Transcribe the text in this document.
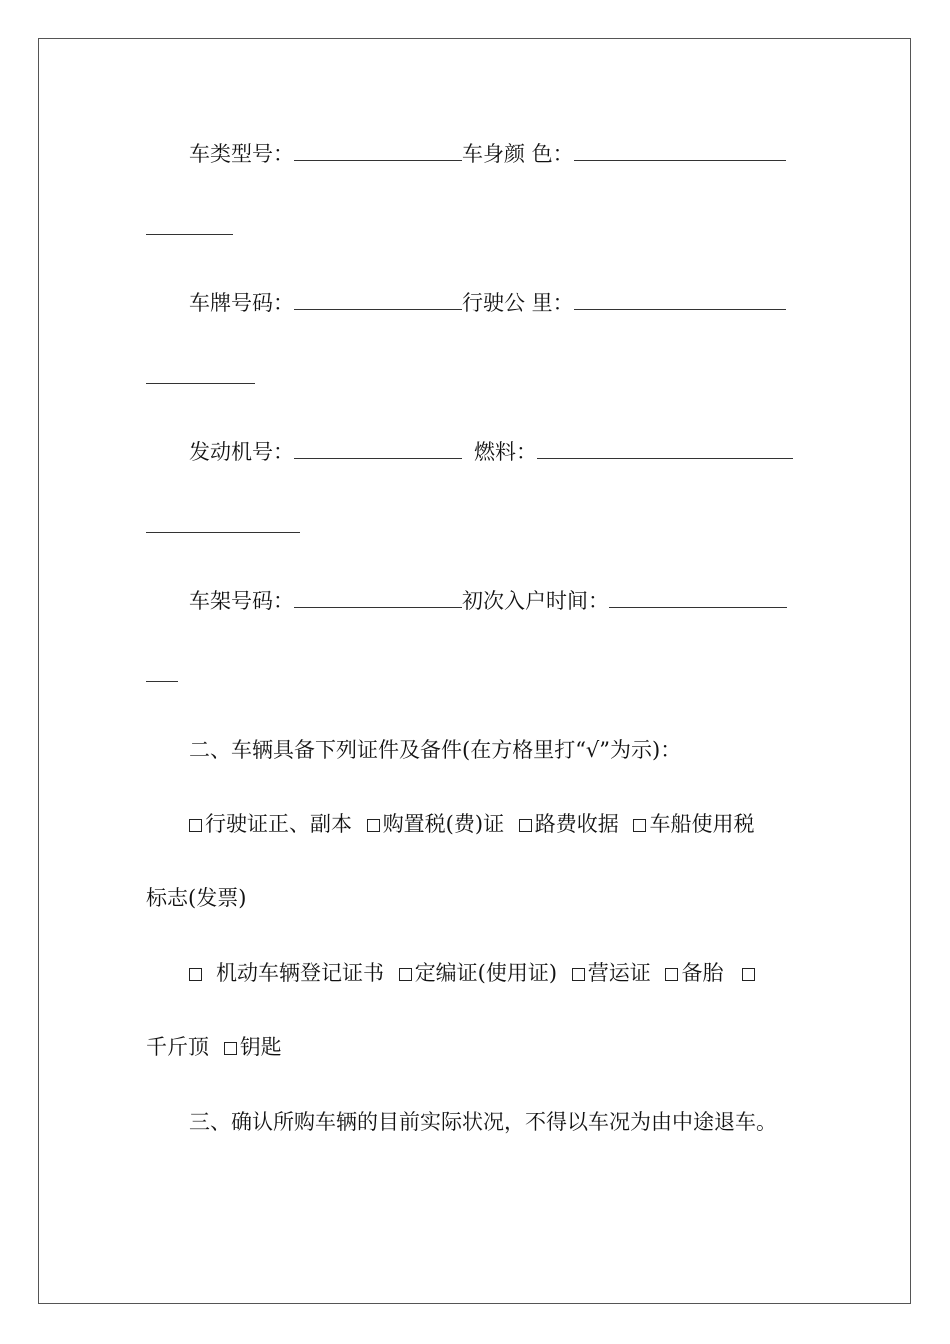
车类型号：	车身颜 色：
车牌号码：	行驶公 里：
发动机号：	燃料：
车架号码：	初次入户时间：
二、车辆具备下列证件及备件(在方格里打“√”为示)：
行驶证正、副本 购置税(费)证 路费收据 车船使用税
标志(发票)
机动车辆登记证书 定编证(使用证) 营运证 备胎
千斤顶 钥匙
三、确认所购车辆的目前实际状况，不得以车况为由中途退车。
